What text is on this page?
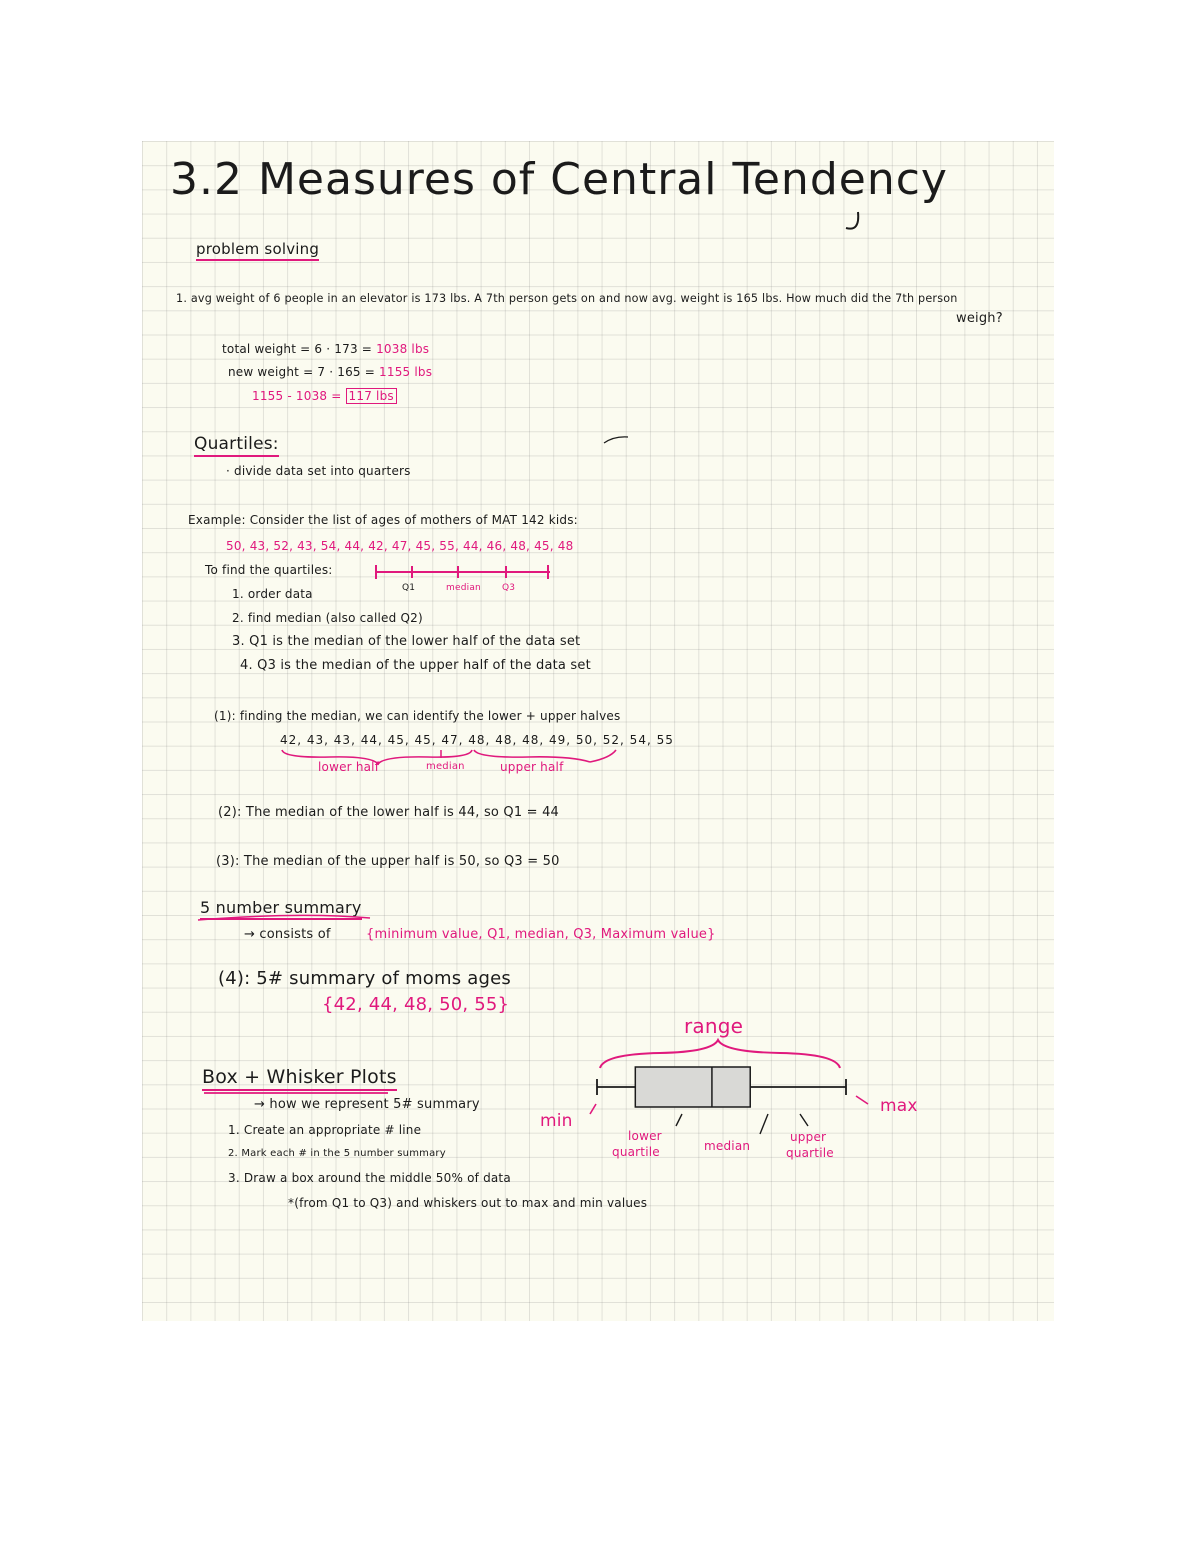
3.2 Measures of Central Tendency
problem solving
1. avg weight of 6 people in an elevator is 173 lbs. A 7th person gets on and now avg. weight is 165 lbs. How much did the 7th person
weigh?
total weight = 6 · 173 = 1038 lbs
new weight = 7 · 165 = 1155 lbs
1155 - 1038 = 117 lbs
Quartiles:
· divide data set into quarters
Example: Consider the list of ages of mothers of MAT 142 kids:
50, 43, 52, 43, 54, 44, 42, 47, 45, 55, 44, 46, 48, 45, 48
To find the quartiles:
Q1	median Q3
1. order data
2. find median (also called Q2)
3. Q1 is the median of the lower half of the data set
4. Q3 is the median of the upper half of the data set
(1): finding the median, we can identify the lower + upper halves
42, 43, 43, 44, 45, 45, 47, 48, 48, 48, 49, 50, 52, 54, 55
lower half	median	upper half
(2): The median of the lower half is 44, so Q1 = 44
(3): The median of the upper half is 50, so Q3 = 50
5 number summary
→ consists of	{minimum value, Q1, median, Q3, Maximum value}
(4): 5# summary of moms ages
{42, 44, 48, 50, 55}
Box + Whisker Plots
→ how we represent 5# summary
1. Create an appropriate # line
2. Mark each # in the 5 number summary
3. Draw a box around the middle 50% of data
*(from Q1 to Q3) and whiskers out to max and min values
range
min
max
lower
quartile	median
upper
quartile
